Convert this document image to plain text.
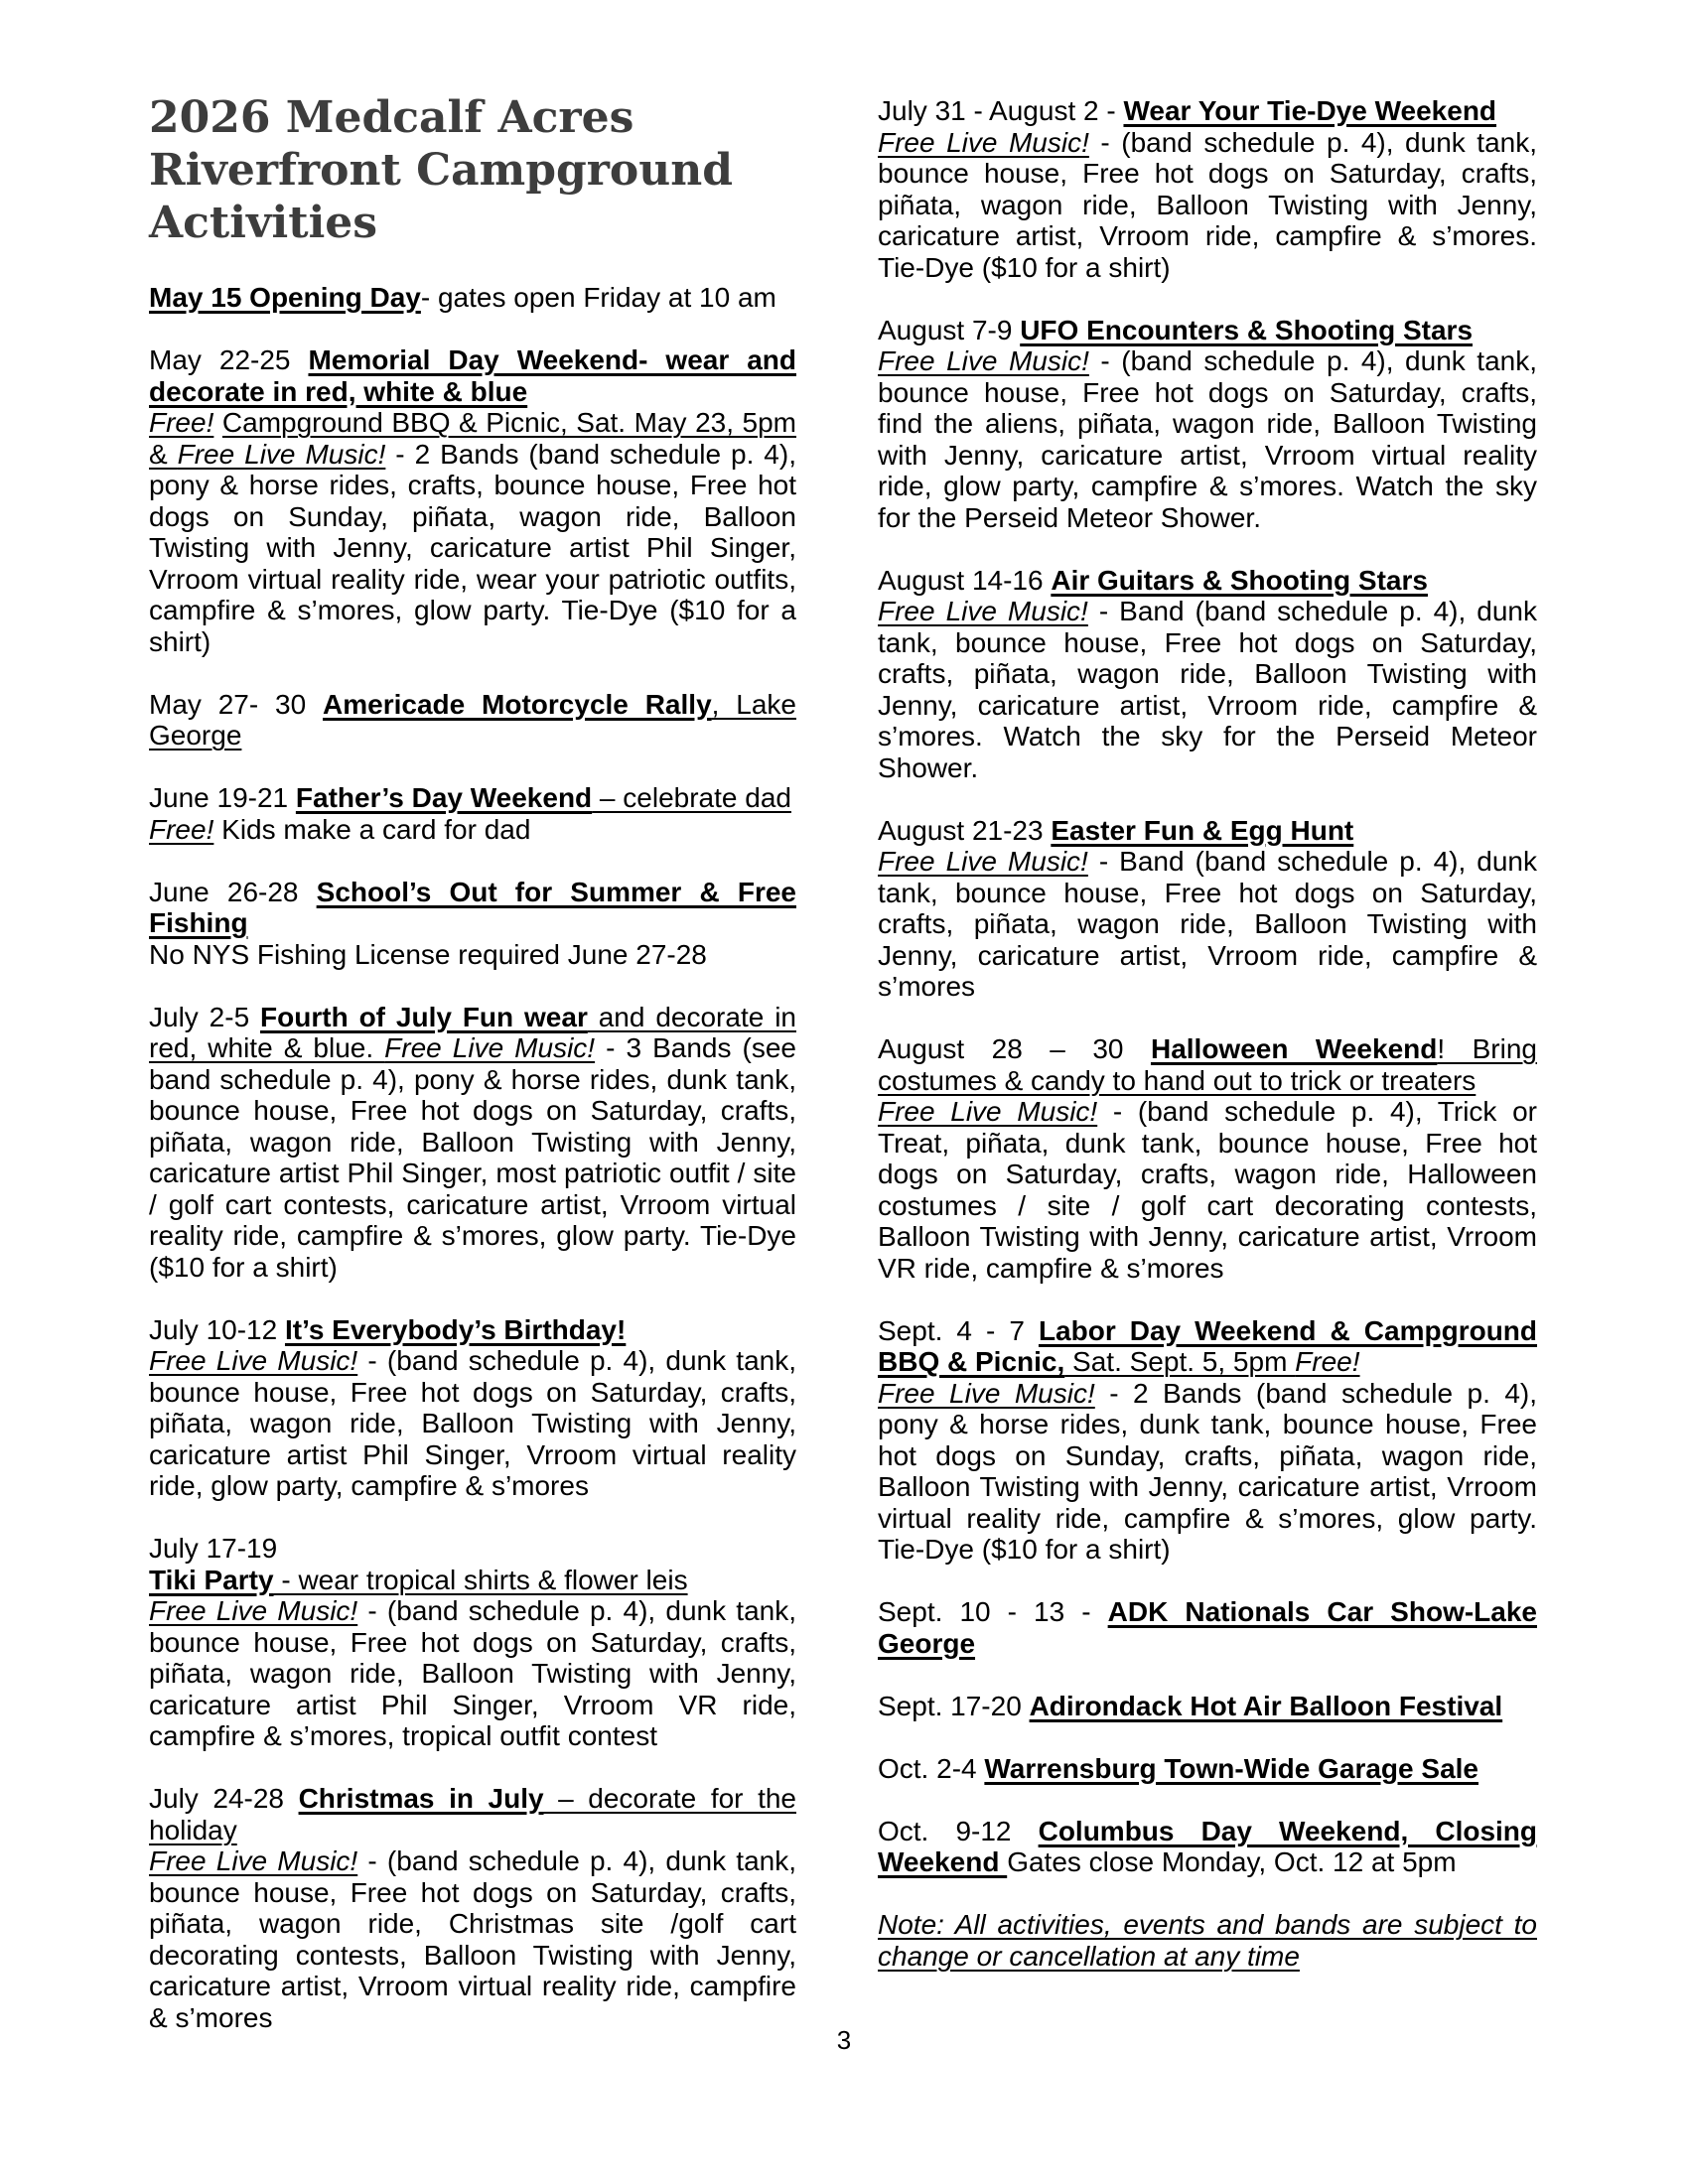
2026 Medcalf Acres Riverfront Campground Activities

May 15 Opening Day- gates open Friday at 10 am

May 22-25 Memorial Day Weekend- wear and decorate in red, white & blue

Free! Campground BBQ & Picnic, Sat. May 23, 5pm & Free Live Music! - 2 Bands (band schedule p. 4), pony & horse rides, crafts, bounce house, Free hot dogs on Sunday, piñata, wagon ride, Balloon Twisting with Jenny, caricature artist Phil Singer, Vrroom virtual reality ride, wear your patriotic outfits, campfire & s’mores, glow party. Tie-Dye ($10 for a shirt)

May 27- 30 Americade Motorcycle Rally, Lake George

June 19-21 Father’s Day Weekend – celebrate dad

Free! Kids make a card for dad

June 26-28 School’s Out for Summer & Free Fishing

No NYS Fishing License required June 27-28

July 2-5 Fourth of July Fun wear and decorate in red, white & blue. Free Live Music! - 3 Bands (see band schedule p. 4), pony & horse rides, dunk tank, bounce house, Free hot dogs on Saturday, crafts, piñata, wagon ride, Balloon Twisting with Jenny, caricature artist Phil Singer, most patriotic outfit / site / golf cart contests, caricature artist, Vrroom virtual reality ride, campfire & s’mores, glow party. Tie-Dye ($10 for a shirt)

July 10-12 It’s Everybody’s Birthday!

Free Live Music! - (band schedule p. 4), dunk tank, bounce house, Free hot dogs on Saturday, crafts, piñata, wagon ride, Balloon Twisting with Jenny, caricature artist Phil Singer, Vrroom virtual reality ride, glow party, campfire & s’mores

July 17-19

Tiki Party - wear tropical shirts & flower leis

Free Live Music! - (band schedule p. 4), dunk tank, bounce house, Free hot dogs on Saturday, crafts, piñata, wagon ride, Balloon Twisting with Jenny, caricature artist Phil Singer, Vrroom VR ride, campfire & s’mores, tropical outfit contest

July 24-28 Christmas in July – decorate for the holiday

Free Live Music! - (band schedule p. 4), dunk tank, bounce house, Free hot dogs on Saturday, crafts, piñata, wagon ride, Christmas site /golf cart decorating contests, Balloon Twisting with Jenny, caricature artist, Vrroom virtual reality ride, campfire & s’mores

July 31 - August 2 - Wear Your Tie-Dye Weekend

Free Live Music! - (band schedule p. 4), dunk tank, bounce house, Free hot dogs on Saturday, crafts, piñata, wagon ride, Balloon Twisting with Jenny, caricature artist, Vrroom ride, campfire & s’mores. Tie-Dye ($10 for a shirt)

August 7-9 UFO Encounters & Shooting Stars

Free Live Music! - (band schedule p. 4), dunk tank, bounce house, Free hot dogs on Saturday, crafts, find the aliens, piñata, wagon ride, Balloon Twisting with Jenny, caricature artist, Vrroom virtual reality ride, glow party, campfire & s’mores. Watch the sky for the Perseid Meteor Shower.

August 14-16 Air Guitars & Shooting Stars

Free Live Music! - Band (band schedule p. 4), dunk tank, bounce house, Free hot dogs on Saturday, crafts, piñata, wagon ride, Balloon Twisting with Jenny, caricature artist, Vrroom ride, campfire & s’mores. Watch the sky for the Perseid Meteor Shower.

August 21-23 Easter Fun & Egg Hunt

Free Live Music! - Band (band schedule p. 4), dunk tank, bounce house, Free hot dogs on Saturday, crafts, piñata, wagon ride, Balloon Twisting with Jenny, caricature artist, Vrroom ride, campfire & s’mores

August 28 – 30 Halloween Weekend! Bring costumes & candy to hand out to trick or treaters

Free Live Music! - (band schedule p. 4), Trick or Treat, piñata, dunk tank, bounce house, Free hot dogs on Saturday, crafts, wagon ride, Halloween costumes / site / golf cart decorating contests, Balloon Twisting with Jenny, caricature artist, Vrroom VR ride, campfire & s’mores

Sept. 4 - 7 Labor Day Weekend & Campground BBQ & Picnic, Sat. Sept. 5, 5pm Free!

Free Live Music! - 2 Bands (band schedule p. 4), pony & horse rides, dunk tank, bounce house, Free hot dogs on Sunday, crafts, piñata, wagon ride, Balloon Twisting with Jenny, caricature artist, Vrroom virtual reality ride, campfire & s’mores, glow party. Tie-Dye ($10 for a shirt)

Sept. 10 - 13 - ADK Nationals Car Show-Lake George

Sept. 17-20 Adirondack Hot Air Balloon Festival

Oct. 2-4 Warrensburg Town-Wide Garage Sale

Oct. 9-12 Columbus Day Weekend, Closing Weekend Gates close Monday, Oct. 12 at 5pm

Note: All activities, events and bands are subject to change or cancellation at any time

3
